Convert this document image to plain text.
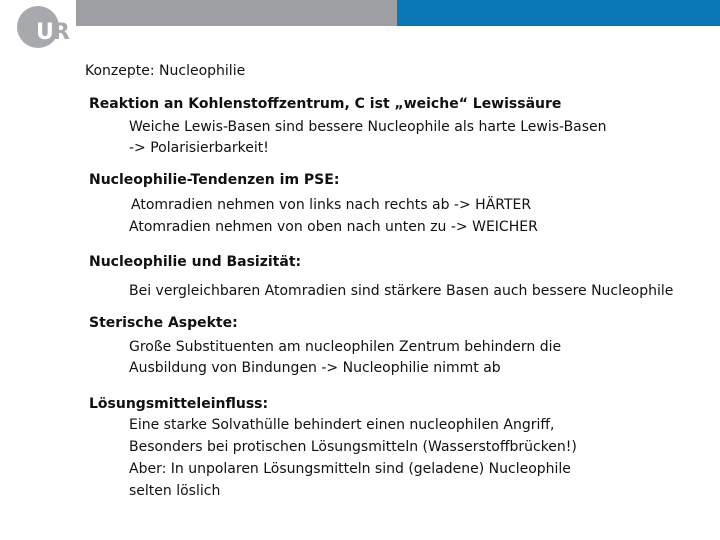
UR
Konzepte: Nucleophilie
Reaktion an Kohlenstoffzentrum, C ist „weiche“ Lewissäure
Weiche Lewis-Basen sind bessere Nucleophile als harte Lewis-Basen
-> Polarisierbarkeit!
Nucleophilie-Tendenzen im PSE:
Atomradien nehmen von links nach rechts ab -> HÄRTER
Atomradien nehmen von oben nach unten zu -> WEICHER
Nucleophilie und Basizität:
Bei vergleichbaren Atomradien sind stärkere Basen auch bessere Nucleophile
Sterische Aspekte:
Große Substituenten am nucleophilen Zentrum behindern die
Ausbildung von Bindungen -> Nucleophilie nimmt ab
Lösungsmitteleinfluss:
Eine starke Solvathülle behindert einen nucleophilen Angriff,
Besonders bei protischen Lösungsmitteln (Wasserstoffbrücken!)
Aber: In unpolaren Lösungsmitteln sind (geladene) Nucleophile
selten löslich
